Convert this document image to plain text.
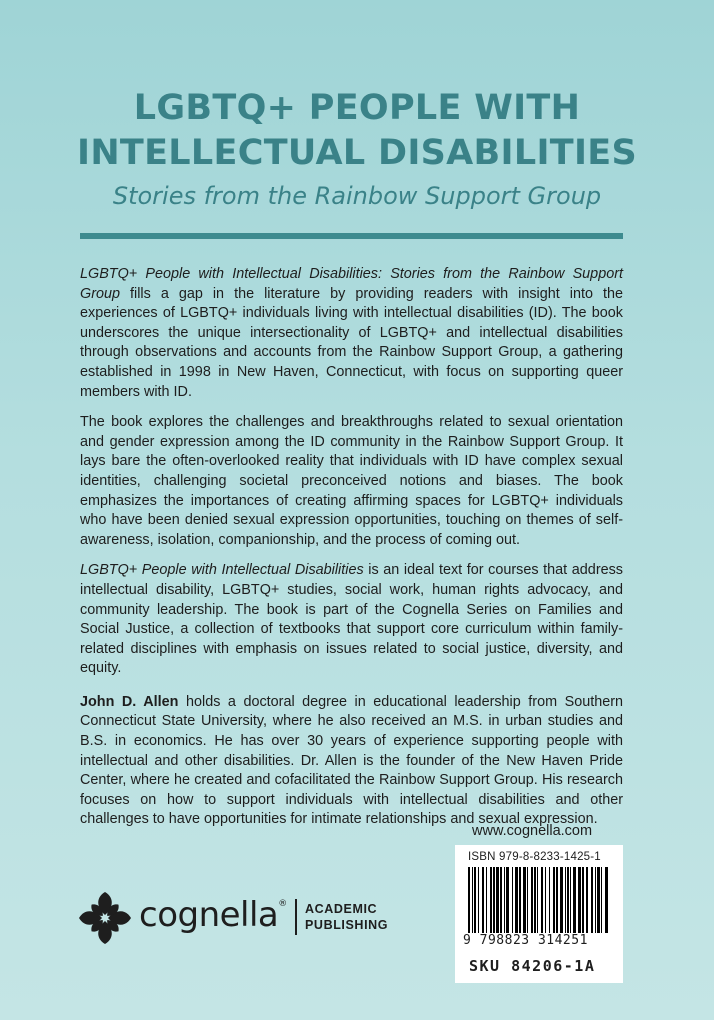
LGBTQ+ PEOPLE WITH
INTELLECTUAL DISABILITIES
Stories from the Rainbow Support Group

LGBTQ+ People with Intellectual Disabilities: Stories from the Rainbow Support Group fills a gap in the literature by providing readers with insight into the experiences of LGBTQ+ individuals living with intellectual disabilities (ID). The book underscores the unique intersectionality of LGBTQ+ and intellectual disabilities through observations and accounts from the Rainbow Support Group, a gathering established in 1998 in New Haven, Connecticut, with focus on supporting queer members with ID.

The book explores the challenges and breakthroughs related to sexual orientation and gender expression among the ID community in the Rainbow Support Group. It lays bare the often-overlooked reality that individuals with ID have complex sexual identities, challenging societal preconceived notions and biases. The book emphasizes the importances of creating affirming spaces for LGBTQ+ individuals who have been denied sexual expression opportunities, touching on themes of self-awareness, isolation, companionship, and the process of coming out.

LGBTQ+ People with Intellectual Disabilities is an ideal text for courses that address intellectual disability, LGBTQ+ studies, social work, human rights advocacy, and community leadership. The book is part of the Cognella Series on Families and Social Justice, a collection of textbooks that support core curriculum within family-related disciplines with emphasis on issues related to social justice, diversity, and equity.

John D. Allen holds a doctoral degree in educational leadership from Southern Connecticut State University, where he also received an M.S. in urban studies and B.S. in economics. He has over 30 years of experience supporting people with intellectual and other disabilities. Dr. Allen is the founder of the New Haven Pride Center, where he created and cofacilitated the Rainbow Support Group. His research focuses on how to support individuals with intellectual disabilities and other challenges to have opportunities for intimate relationships and sexual expression.

www.cognella.com
ISBN 979-8-8233-1425-1
9 798823 314251
SKU 84206-1A
cognella® ACADEMIC
PUBLISHING
